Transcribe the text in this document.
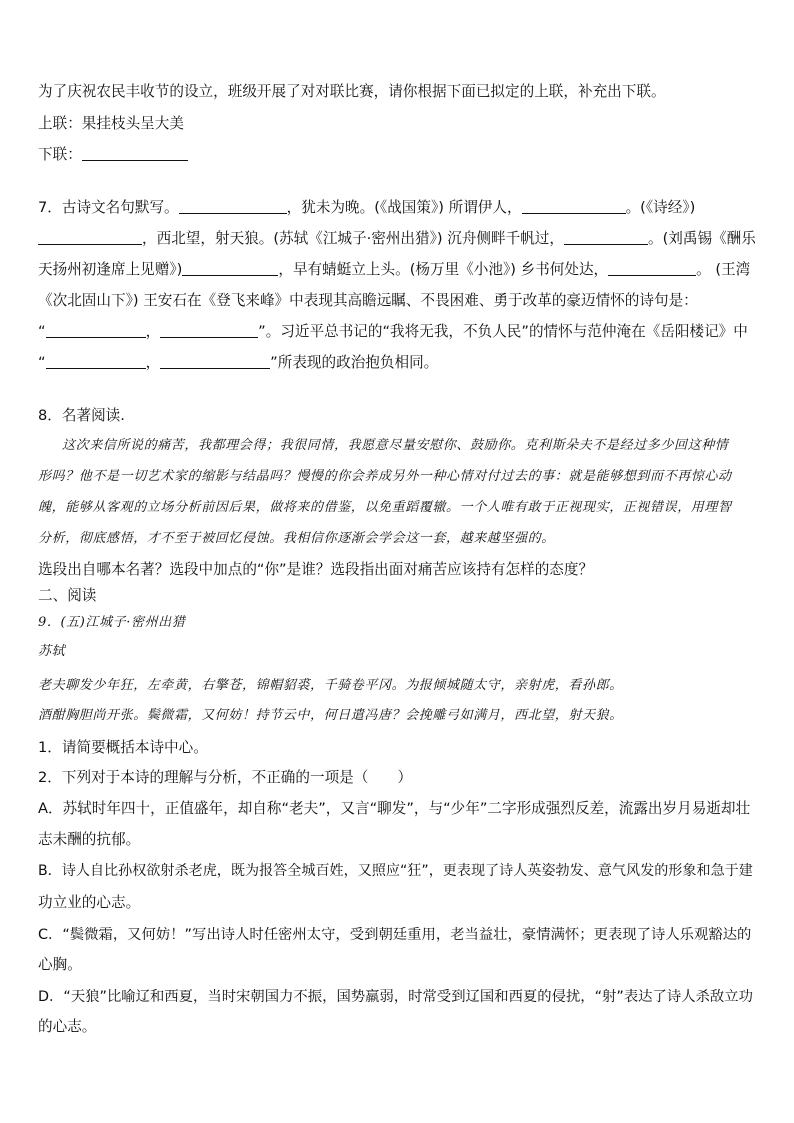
为了庆祝农民丰收节的设立，班级开展了对对联比赛，请你根据下面已拟定的上联，补充出下联。
上联：果挂枝头呈大美
下联：
7．古诗文名句默写。	，犹未为晚。(《战国策》) 所谓伊人，	。(《诗经》)
，西北望，射天狼。(苏轼《江城子·密州出猎》) 沉舟侧畔千帆过，	。(刘禹锡《酬乐
天扬州初逢席上见赠》)	，早有蜻蜓立上头。(杨万里《小池》) 乡书何处达，	。 (王湾
《次北固山下》) 王安石在《登飞来峰》中表现其高瞻远瞩、不畏困难、勇于改革的豪迈情怀的诗句是：
“	，	”。习近平总书记的“我将无我，不负人民”的情怀与范仲淹在《岳阳楼记》中
“	，	”所表现的政治抱负相同。
8．名著阅读.
这次来信所说的痛苦，我都理会得；我很同情，我愿意尽量安慰你、鼓励你。克利斯朵夫不是经过多少回这种情
形吗？他不是一切艺术家的缩影与结晶吗？慢慢的你会养成另外一种心情对付过去的事：就是能够想到而不再惊心动
魄，能够从客观的立场分析前因后果，做将来的借鉴，以免重蹈覆辙。一个人唯有敢于正视现实，正视错误，用理智
分析，彻底感悟，才不至于被回忆侵蚀。我相信你逐渐会学会这一套，越来越坚强的。
选段出自哪本名著？选段中加点的“你”是谁？选段指出面对痛苦应该持有怎样的态度？
二、阅读
9．(五)江城子·密州出猎
苏轼
老夫聊发少年狂，左牵黄，右擎苍，锦帽貂裘，千骑卷平冈。为报倾城随太守，亲射虎，看孙郎。
酒酣胸胆尚开张。鬓微霜，又何妨！持节云中，何日遣冯唐？会挽雕弓如满月，西北望，射天狼。
1．请简要概括本诗中心。
2．下列对于本诗的理解与分析，不正确的一项是（　　）
A．苏轼时年四十，正值盛年，却自称“老夫”，又言“聊发”，与“少年”二字形成强烈反差，流露出岁月易逝却壮
志未酬的抗郁。
B．诗人自比孙权欲射杀老虎，既为报答全城百姓，又照应“狂”，更表现了诗人英姿勃发、意气风发的形象和急于建
功立业的心志。
C．“鬓微霜，又何妨！”写出诗人时任密州太守，受到朝廷重用，老当益壮，豪情满怀；更表现了诗人乐观豁达的
心胸。
D．“天狼”比喻辽和西夏，当时宋朝国力不振，国势羸弱，时常受到辽国和西夏的侵扰，“射”表达了诗人杀敌立功
的心志。
